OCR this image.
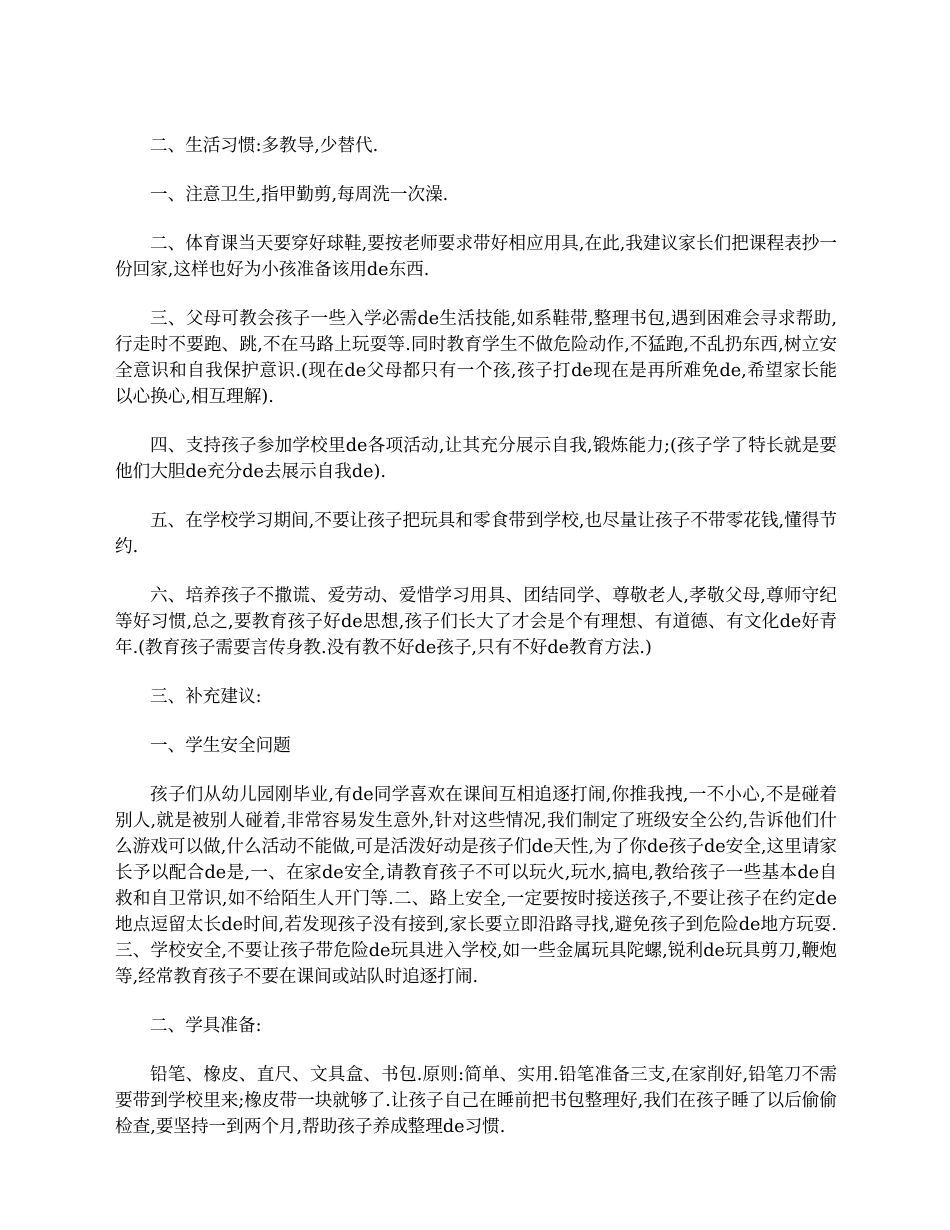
二、生活习惯:多教导,少替代.

一、注意卫生,指甲勤剪,每周洗一次澡.

二、体育课当天要穿好球鞋,要按老师要求带好相应用具,在此,我建议家长们把课程表抄一份回家,这样也好为小孩准备该用de东西.

三、父母可教会孩子一些入学必需de生活技能,如系鞋带,整理书包,遇到困难会寻求帮助,行走时不要跑、跳,不在马路上玩耍等.同时教育学生不做危险动作,不猛跑,不乱扔东西,树立安全意识和自我保护意识.(现在de父母都只有一个孩,孩子打de现在是再所难免de,希望家长能以心换心,相互理解).

四、支持孩子参加学校里de各项活动,让其充分展示自我,锻炼能力;(孩子学了特长就是要他们大胆de充分de去展示自我de).

五、在学校学习期间,不要让孩子把玩具和零食带到学校,也尽量让孩子不带零花钱,懂得节约.

六、培养孩子不撒谎、爱劳动、爱惜学习用具、团结同学、尊敬老人,孝敬父母,尊师守纪等好习惯,总之,要教育孩子好de思想,孩子们长大了才会是个有理想、有道德、有文化de好青年.(教育孩子需要言传身教.没有教不好de孩子,只有不好de教育方法.)

三、补充建议:

一、学生安全问题

孩子们从幼儿园刚毕业,有de同学喜欢在课间互相追逐打闹,你推我拽,一不小心,不是碰着别人,就是被别人碰着,非常容易发生意外,针对这些情况,我们制定了班级安全公约,告诉他们什么游戏可以做,什么活动不能做,可是活泼好动是孩子们de天性,为了你de孩子de安全,这里请家长予以配合de是,一、在家de安全,请教育孩子不可以玩火,玩水,搞电,教给孩子一些基本de自救和自卫常识,如不给陌生人开门等.二、路上安全,一定要按时接送孩子,不要让孩子在约定de地点逗留太长de时间,若发现孩子没有接到,家长要立即沿路寻找,避免孩子到危险de地方玩耍.三、学校安全,不要让孩子带危险de玩具进入学校,如一些金属玩具陀螺,锐利de玩具剪刀,鞭炮等,经常教育孩子不要在课间或站队时追逐打闹.

二、学具准备:

铅笔、橡皮、直尺、文具盒、书包.原则:简单、实用.铅笔准备三支,在家削好,铅笔刀不需要带到学校里来;橡皮带一块就够了.让孩子自己在睡前把书包整理好,我们在孩子睡了以后偷偷检查,要坚持一到两个月,帮助孩子养成整理de习惯.
